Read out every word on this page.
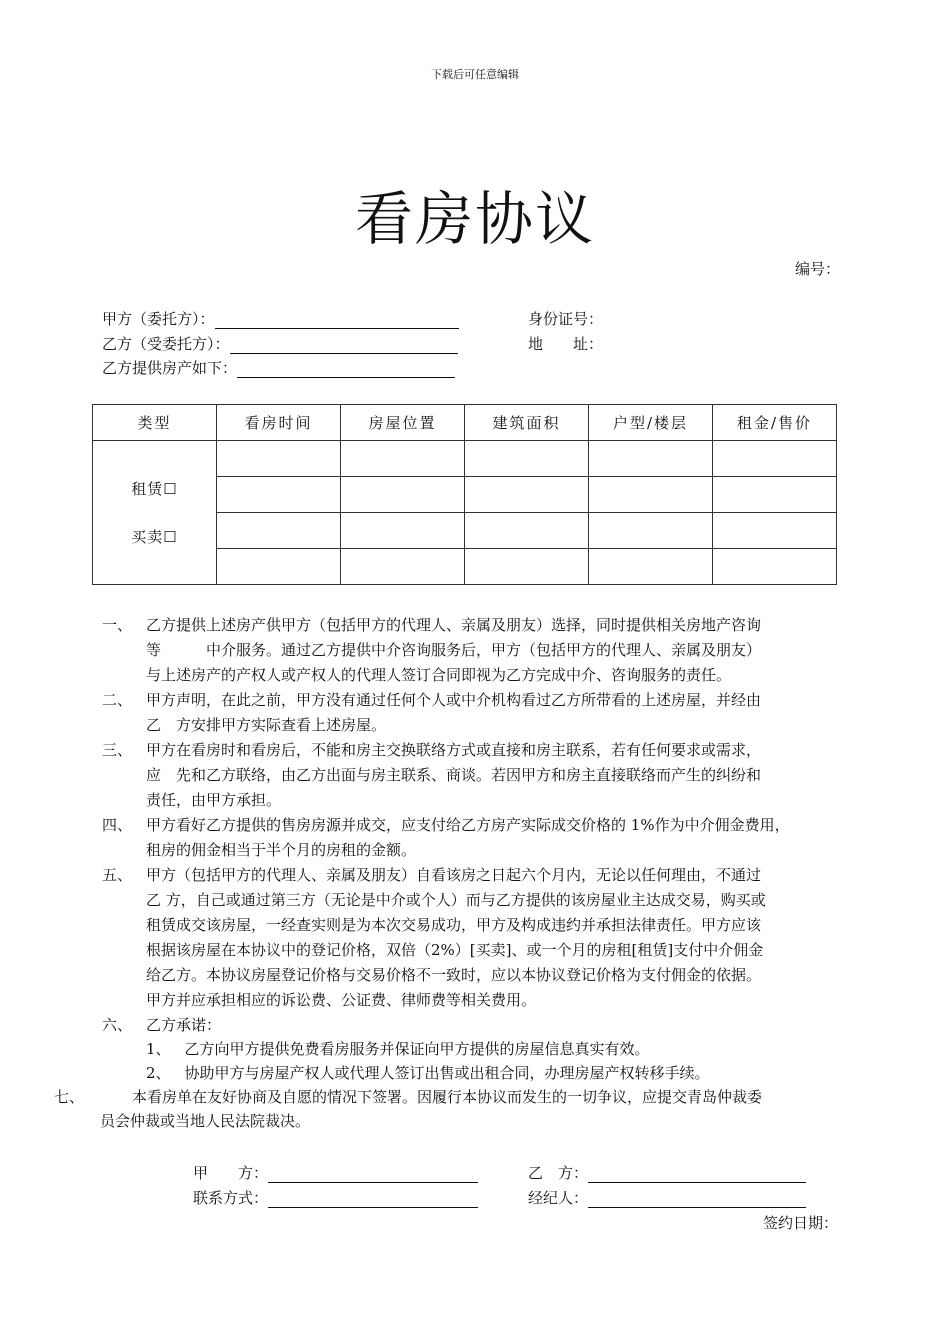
下载后可任意编辑
看房协议
编号：
甲方（委托方）：	身份证号：
乙方（受委托方）：	地　　址：
乙方提供房产如下：
类型	看房时间	房屋位置	建筑面积	户型/楼层	租金/售价

租赁☐
买卖☐					

一、 乙方提供上述房产供甲方（包括甲方的代理人、亲属及朋友）选择，同时提供相关房地产咨询
等　　　中介服务。通过乙方提供中介咨询服务后，甲方（包括甲方的代理人、亲属及朋友）
与上述房产的产权人或产权人的代理人签订合同即视为乙方完成中介、咨询服务的责任。
二、 甲方声明，在此之前，甲方没有通过任何个人或中介机构看过乙方所带看的上述房屋，并经由
乙　方安排甲方实际查看上述房屋。
三、 甲方在看房时和看房后，不能和房主交换联络方式或直接和房主联系，若有任何要求或需求，
应　先和乙方联络，由乙方出面与房主联系、商谈。若因甲方和房主直接联络而产生的纠纷和
责任，由甲方承担。
四、 甲方看好乙方提供的售房房源并成交，应支付给乙方房产实际成交价格的 1%作为中介佣金费用，
租房的佣金相当于半个月的房租的金额。
五、 甲方（包括甲方的代理人、亲属及朋友）自看该房之日起六个月内，无论以任何理由，不通过
乙 方，自己或通过第三方（无论是中介或个人）而与乙方提供的该房屋业主达成交易，购买或
租赁成交该房屋，一经查实则是为本次交易成功，甲方及构成违约并承担法律责任。甲方应该
根据该房屋在本协议中的登记价格，双倍（2%）[买卖]、或一个月的房租[租赁]支付中介佣金
给乙方。本协议房屋登记价格与交易价格不一致时，应以本协议登记价格为支付佣金的依据。
甲方并应承担相应的诉讼费、公证费、律师费等相关费用。
六、 乙方承诺：
1、 乙方向甲方提供免费看房服务并保证向甲方提供的房屋信息真实有效。
2、 协助甲方与房屋产权人或代理人签订出售或出租合同，办理房屋产权转移手续。
七、	本看房单在友好协商及自愿的情况下签署。因履行本协议而发生的一切争议，应提交青岛仲裁委
员会仲裁或当地人民法院裁决。
甲　　方：	乙　方：
联系方式：	经纪人：
签约日期：
